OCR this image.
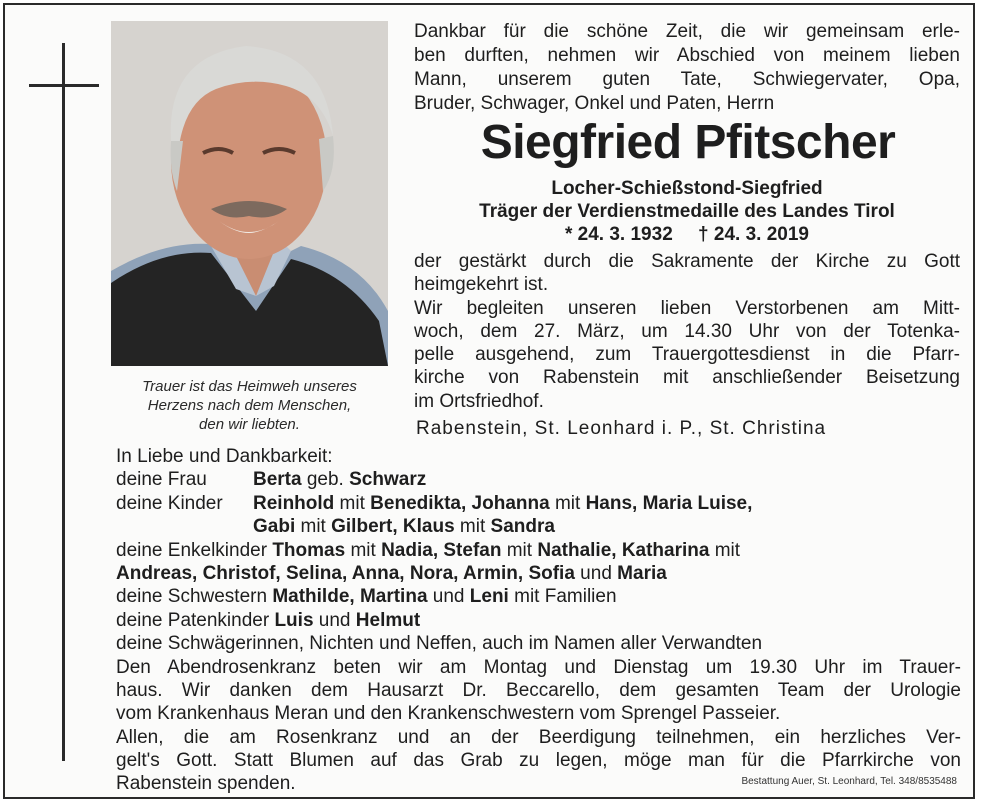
Trauer ist das Heimweh unseres
Herzens nach dem Menschen,
den wir liebten.
Dankbar für die schöne Zeit, die wir gemeinsam erle-
ben durften, nehmen wir Abschied von meinem lieben
Mann, unserem guten Tate, Schwiegervater, Opa,
Bruder, Schwager, Onkel und Paten, Herrn
Siegfried Pfitscher
Locher-Schießstond-Siegfried
Träger der Verdienstmedaille des Landes Tirol
* 24. 3. 1932 † 24. 3. 2019
der gestärkt durch die Sakramente der Kirche zu Gott
heimgekehrt ist.
Wir begleiten unseren lieben Verstorbenen am Mitt-
woch, dem 27. März, um 14.30 Uhr von der Totenka-
pelle ausgehend, zum Trauergottesdienst in die Pfarr-
kirche von Rabenstein mit anschließender Beisetzung
im Ortsfriedhof.
Rabenstein, St. Leonhard i. P., St. Christina
In Liebe und Dankbarkeit:
deine Frau Berta geb. Schwarz
deine Kinder Reinhold mit Benedikta, Johanna mit Hans, Maria Luise,
Gabi mit Gilbert, Klaus mit Sandra
deine Enkelkinder Thomas mit Nadia, Stefan mit Nathalie, Katharina mit
Andreas, Christof, Selina, Anna, Nora, Armin, Sofia und Maria
deine Schwestern Mathilde, Martina und Leni mit Familien
deine Patenkinder Luis und Helmut
deine Schwägerinnen, Nichten und Neffen, auch im Namen aller Verwandten
Den Abendrosenkranz beten wir am Montag und Dienstag um 19.30 Uhr im Trauer-
haus. Wir danken dem Hausarzt Dr. Beccarello, dem gesamten Team der Urologie
vom Krankenhaus Meran und den Krankenschwestern vom Sprengel Passeier.
Allen, die am Rosenkranz und an der Beerdigung teilnehmen, ein herzliches Ver-
gelt's Gott. Statt Blumen auf das Grab zu legen, möge man für die Pfarrkirche von
Rabenstein spenden.	Bestattung Auer, St. Leonhard, Tel. 348/8535488
